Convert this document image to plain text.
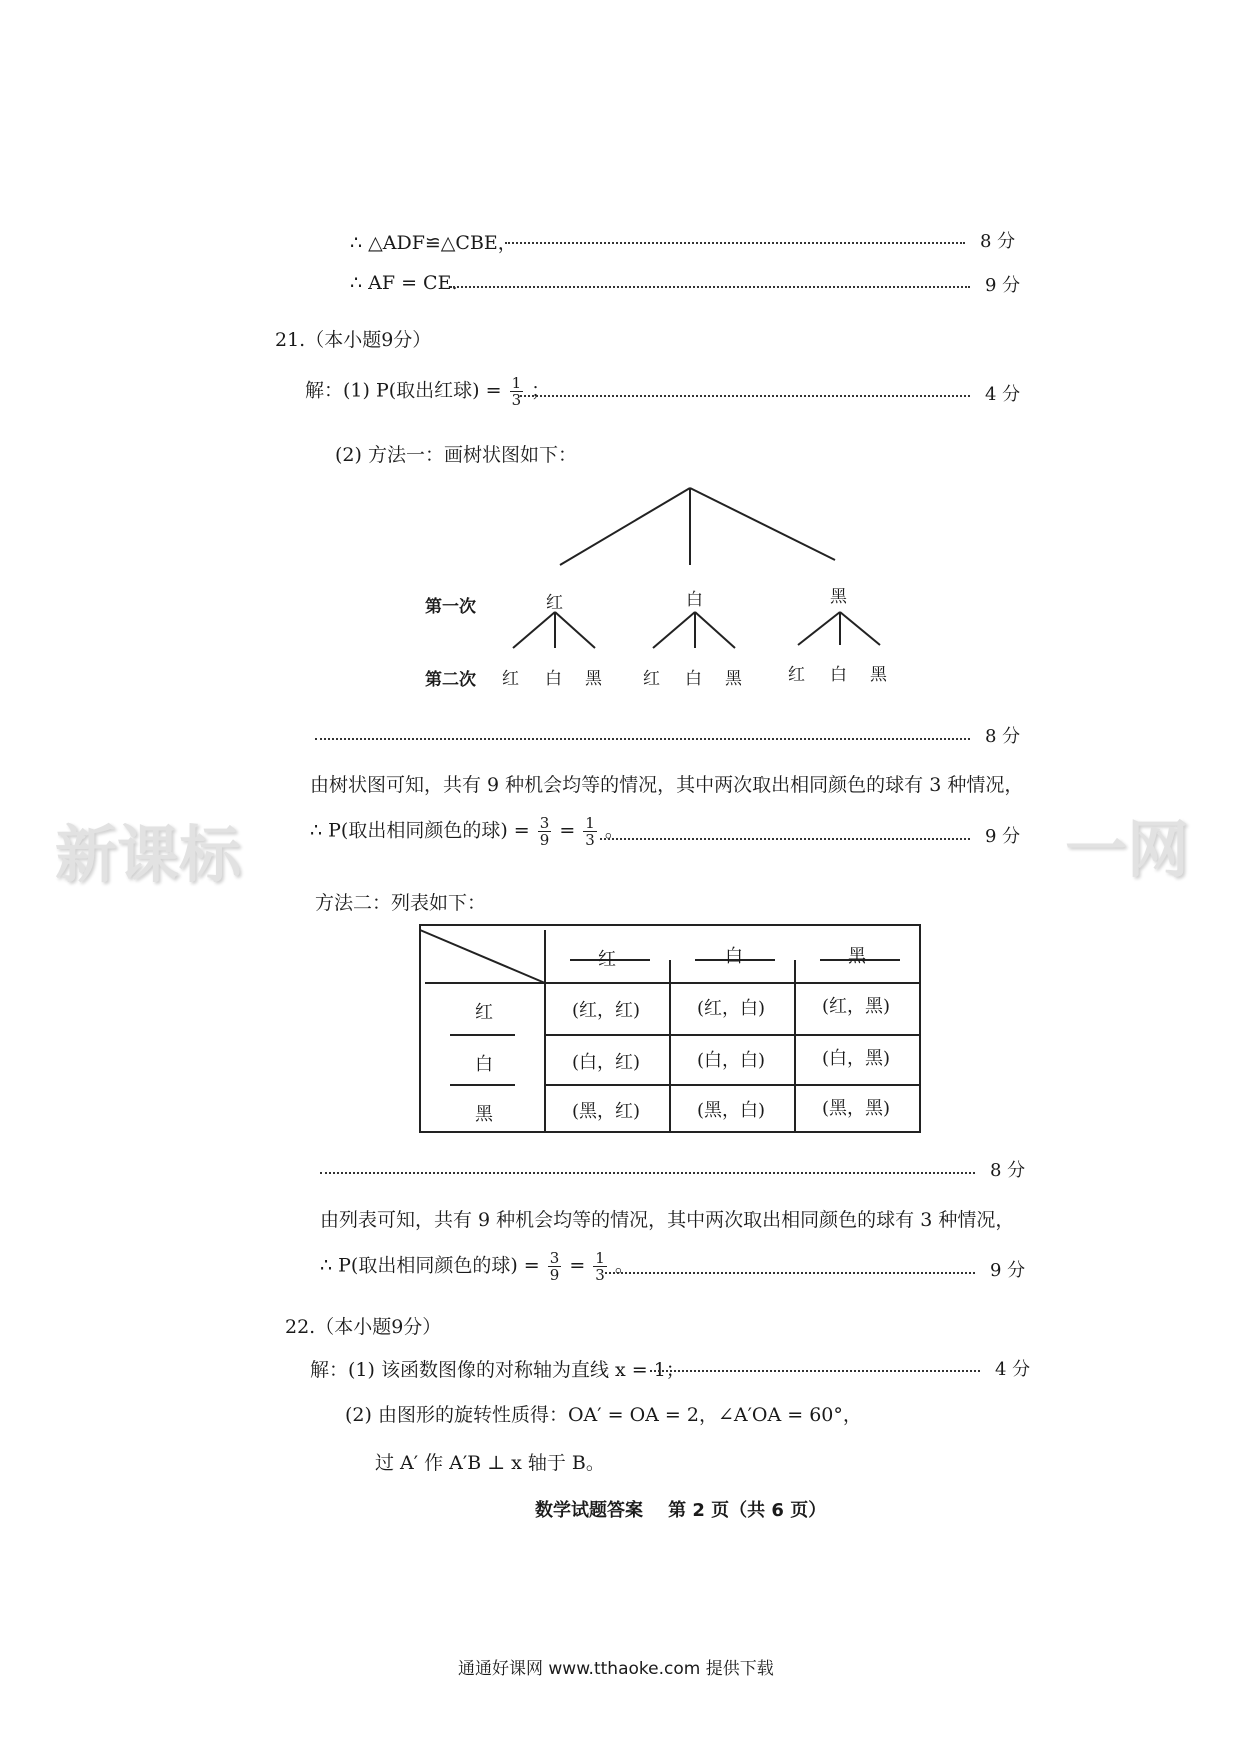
新课标	一网
∴ △ADF≌△CBE，	8 分
∴ AF = CE.	9 分
21.（本小题9分）
解：(1) P(取出红球) = $\frac{1}{3}$ ；	4 分
(2) 方法一：画树状图如下：
第一次
第二次
红	白	黑
红 白 黑 红 白 黑	红 白 黑
8 分
由树状图可知，共有 9 种机会均等的情况，其中两次取出相同颜色的球有 3 种情况，
∴ P(取出相同颜色的球) = $\frac{3}{9} = \frac{1}{3}$ 。	9 分
方法二：列表如下：
红	白	黑
红
白
黑
(红，红)	(红，白)	(红，黑)
(白，红)	(白，白)	(白，黑)
(黑，红)	(黑，白)	(黑，黑)
8 分
由列表可知，共有 9 种机会均等的情况，其中两次取出相同颜色的球有 3 种情况，
∴ P(取出相同颜色的球) = $\frac{3}{9} = \frac{1}{3}$ 。	9 分
22.（本小题9分）
解：(1) 该函数图像的对称轴为直线 x = 1；	4 分
(2) 由图形的旋转性质得：OA′ = OA = 2，∠A′OA = 60°，
过 A′ 作 A′B ⊥ x 轴于 B。
数学试题答案 第 2 页（共 6 页）
通通好课网 www.tthaoke.com 提供下载
